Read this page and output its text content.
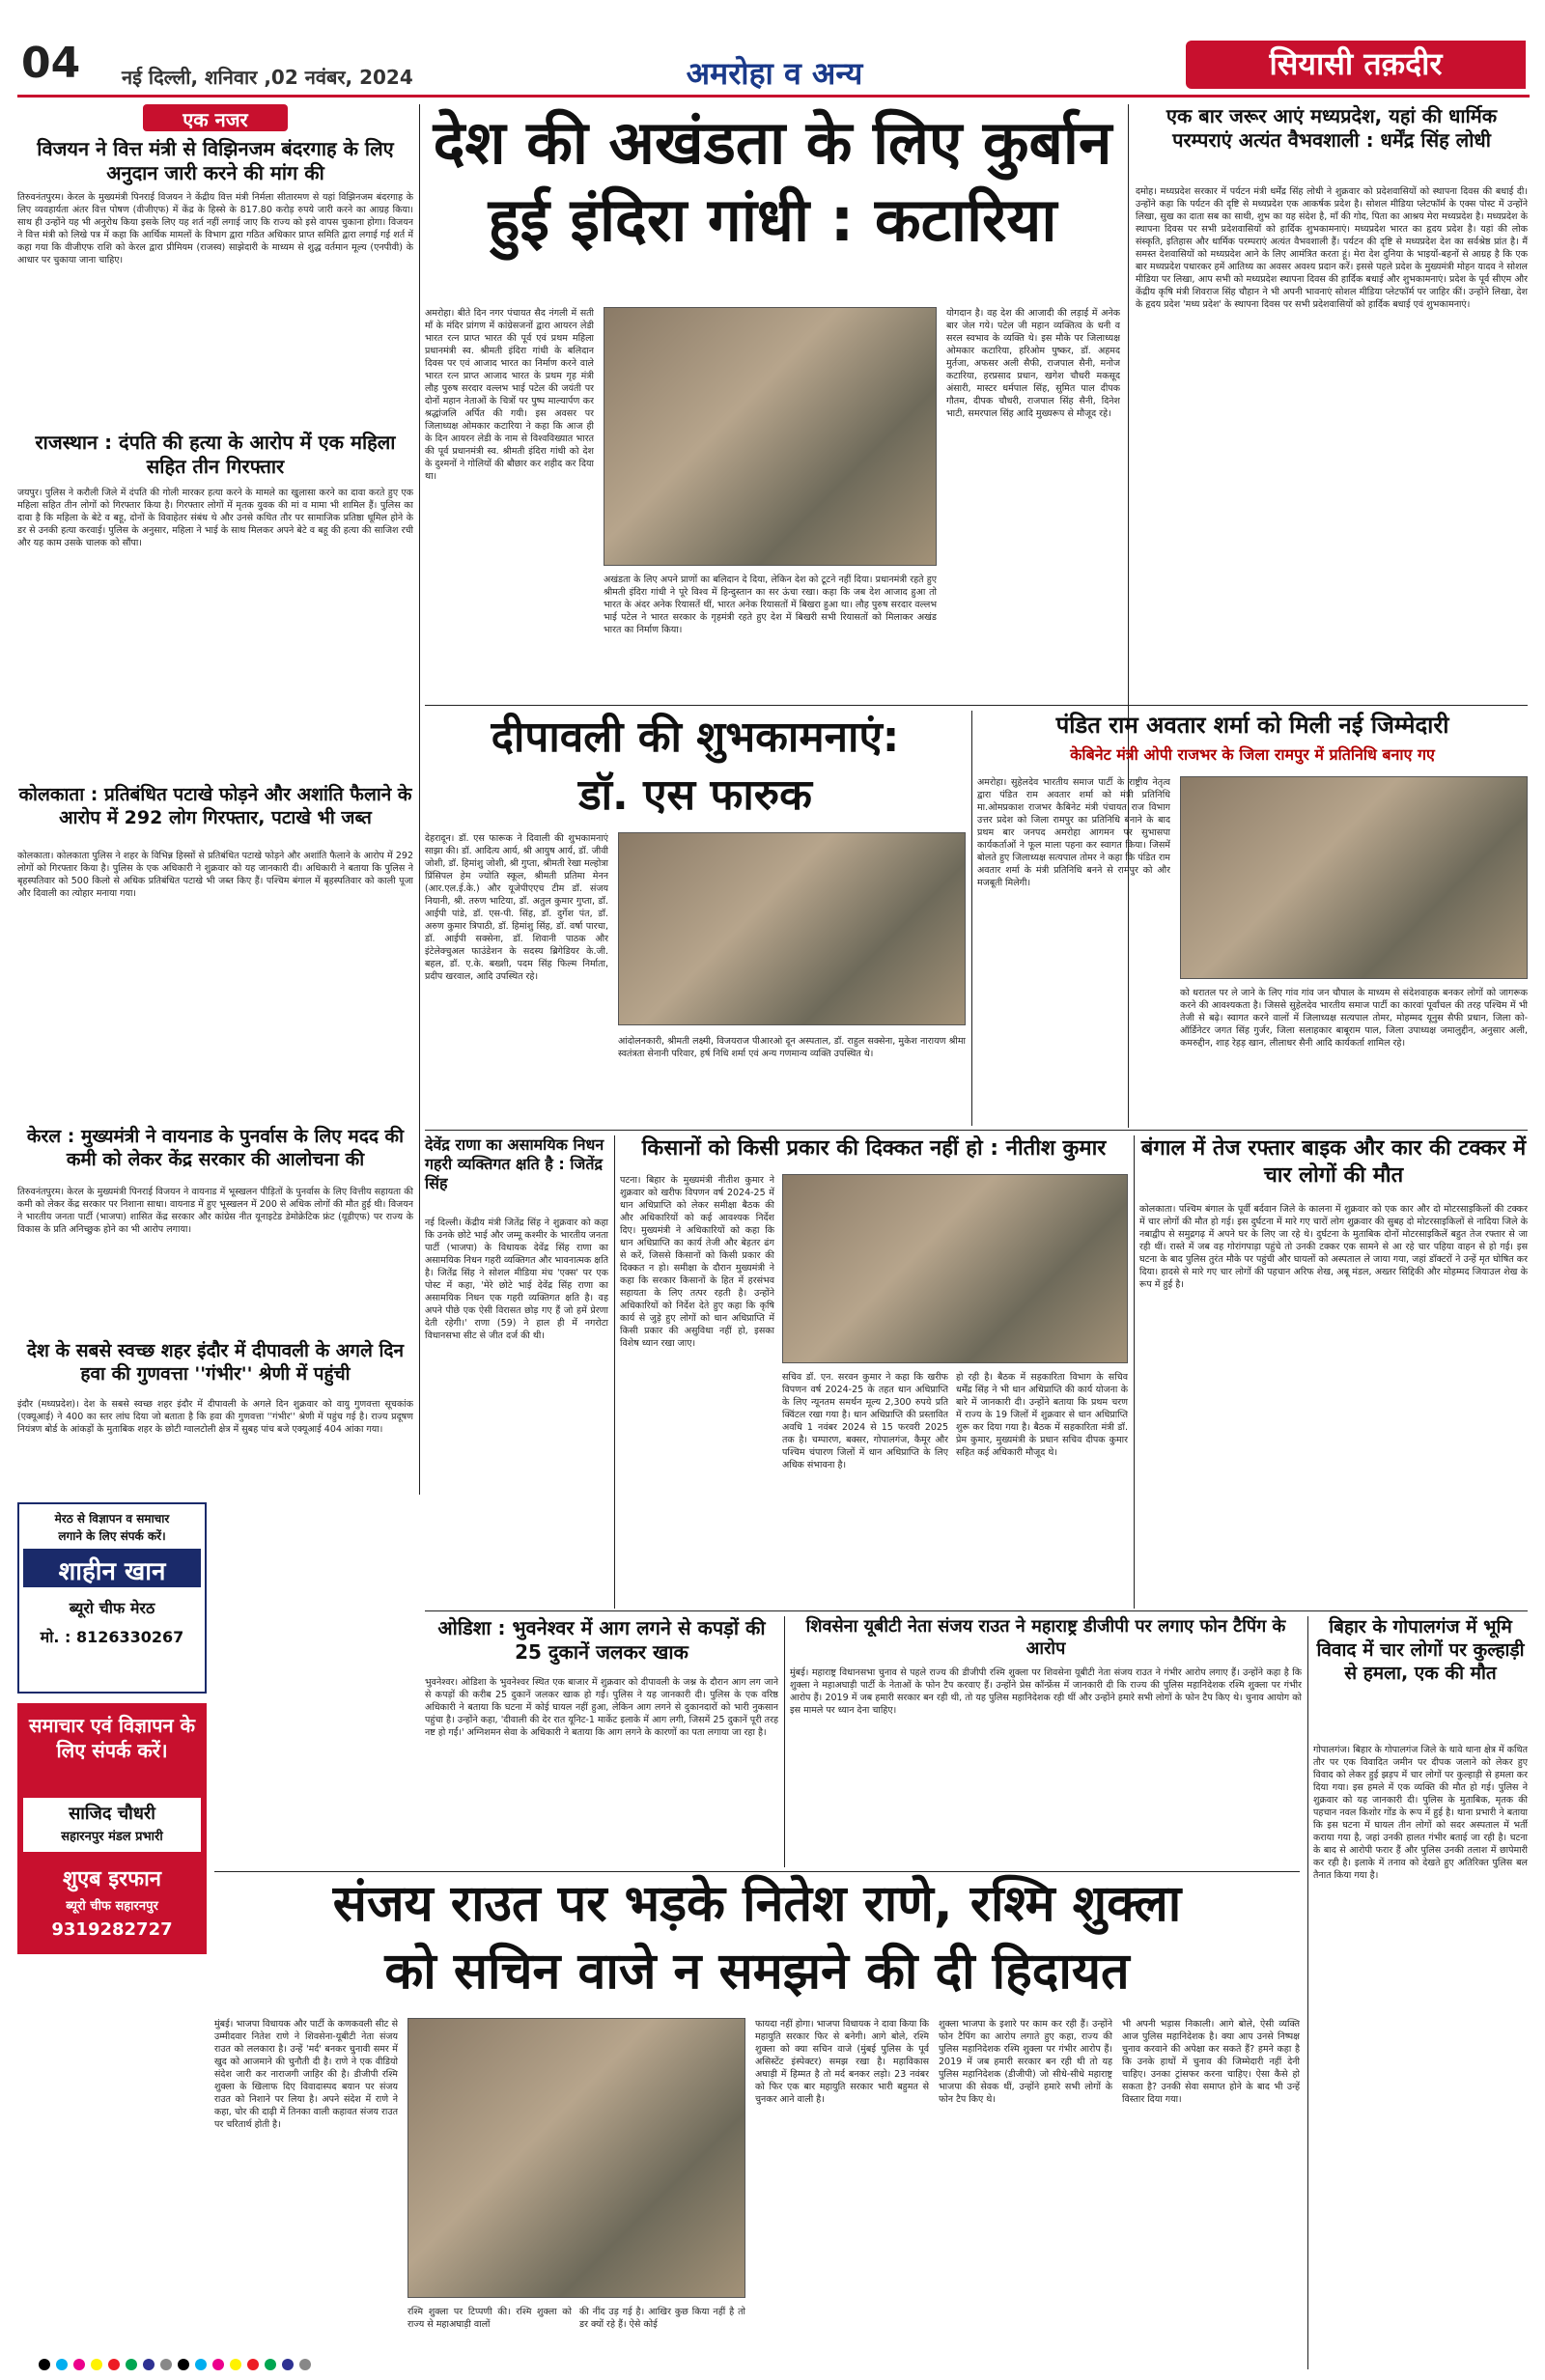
04 नई दिल्ली, शनिवार ,02 नवंबर, 2024	अमरोहा व अन्य	सियासी तक़दीर
एक नजर
विजयन ने वित्त मंत्री से विझिनजम बंदरगाह के लिए अनुदान जारी करने की मांग की
तिरुवनंतपुरम। केरल के मुख्यमंत्री पिनराई विजयन ने केंद्रीय वित्त मंत्री निर्मला सीतारमण से यहां विझिनजम बंदरगाह के लिए व्यवहार्यता अंतर वित्त पोषण (वीजीएफ) में केंद्र के हिस्से के 817.80 करोड़ रुपये जारी करने का आग्रह किया। साथ ही उन्होंने यह भी अनुरोध किया इसके लिए यह शर्त नहीं लगाई जाए कि राज्य को इसे वापस चुकाना होगा। विजयन ने वित्त मंत्री को लिखे पत्र में कहा कि आर्थिक मामलों के विभाग द्वारा गठित अधिकार प्राप्त समिति द्वारा लगाई गई शर्त में कहा गया कि वीजीएफ राशि को केरल द्वारा प्रीमियम (राजस्व) साझेदारी के माध्यम से शुद्ध वर्तमान मूल्य (एनपीवी) के आधार पर चुकाया जाना चाहिए।
राजस्थान : दंपति की हत्या के आरोप में एक महिला सहित तीन गिरफ्तार
जयपुर। पुलिस ने करौली जिले में दंपति की गोली मारकर हत्या करने के मामले का खुलासा करने का दावा करते हुए एक महिला सहित तीन लोगों को गिरफ्तार किया है। गिरफ्तार लोगों में मृतक युवक की मां व मामा भी शामिल हैं। पुलिस का दावा है कि महिला के बेटे व बहू, दोनों के विवाहेतर संबंध थे और उनसे कथित तौर पर सामाजिक प्रतिष्ठा धूमिल होने के डर से उनकी हत्या करवाई। पुलिस के अनुसार, महिला ने भाई के साथ मिलकर अपने बेटे व बहू की हत्या की साजिश रची और यह काम उसके चालक को सौंपा।
कोलकाता : प्रतिबंधित पटाखे फोड़ने और अशांति फैलाने के आरोप में 292 लोग गिरफ्तार, पटाखे भी जब्त
कोलकाता। कोलकाता पुलिस ने शहर के विभिन्न हिस्सों से प्रतिबंधित पटाखे फोड़ने और अशांति फैलाने के आरोप में 292 लोगों को गिरफ्तार किया है। पुलिस के एक अधिकारी ने शुक्रवार को यह जानकारी दी। अधिकारी ने बताया कि पुलिस ने बृहस्पतिवार को 500 किलो से अधिक प्रतिबंधित पटाखे भी जब्त किए हैं। पश्चिम बंगाल में बृहस्पतिवार को काली पूजा और दिवाली का त्योहार मनाया गया।
केरल : मुख्यमंत्री ने वायनाड के पुनर्वास के लिए मदद की कमी को लेकर केंद्र सरकार की आलोचना की
तिरुवनंतपुरम। केरल के मुख्यमंत्री पिनराई विजयन ने वायनाड में भूस्खलन पीड़ितों के पुनर्वास के लिए वित्तीय सहायता की कमी को लेकर केंद्र सरकार पर निशाना साधा। वायनाड में हुए भूस्खलन में 200 से अधिक लोगों की मौत हुई थी। विजयन ने भारतीय जनता पार्टी (भाजपा) शासित केंद्र सरकार और कांग्रेस नीत यूनाइटेड डेमोक्रेटिक फ्रंट (यूडीएफ) पर राज्य के विकास के प्रति अनिच्छुक होने का भी आरोप लगाया।
देश के सबसे स्वच्छ शहर इंदौर में दीपावली के अगले दिन हवा की गुणवत्ता ''गंभीर'' श्रेणी में पहुंची
इंदौर (मध्यप्रदेश)। देश के सबसे स्वच्छ शहर इंदौर में दीपावली के अगले दिन शुक्रवार को वायु गुणवत्ता सूचकांक (एक्यूआई) ने 400 का स्तर लांघ दिया जो बताता है कि हवा की गुणवत्ता ''गंभीर'' श्रेणी में पहुंच गई है। राज्य प्रदूषण नियंत्रण बोर्ड के आंकड़ों के मुताबिक शहर के छोटी ग्वालटोली क्षेत्र में सुबह पांच बजे एक्यूआई 404 आंका गया।
देश की अखंडता के लिए कुर्बान हुई इंदिरा गांधी : कटारिया
अमरोहा। बीते दिन नगर पंचायत सैद नंगली में सती माँ के मंदिर प्रांगण में कांग्रेसजनों द्वारा आयरन लेडी भारत रत्न प्राप्त भारत की पूर्व एवं प्रथम महिला प्रधानमंत्री स्व. श्रीमती इंदिरा गांधी के बलिदान दिवस पर एवं आजाद भारत का निर्माण करने वाले भारत रत्न प्राप्त आजाद भारत के प्रथम गृह मंत्री लौह पुरुष सरदार वल्लभ भाई पटेल की जयंती पर दोनों महान नेताओं के चित्रों पर पुष्प माल्यार्पण कर श्रद्धांजलि अर्पित की गयी। इस अवसर पर जिलाध्यक्ष ओमकार कटारिया ने कहा कि आज ही के दिन आयरन लेडी के नाम से विश्वविख्यात भारत की पूर्व प्रधानमंत्री स्व. श्रीमती इंदिरा गांधी को देश के दुश्मनों ने गोलियों की बौछार कर शहीद कर दिया था।
योगदान है। वह देश की आजादी की लड़ाई में अनेक बार जेल गये। पटेल जी महान व्यक्तित्व के धनी व सरल स्वभाव के व्यक्ति थे। इस मौके पर जिलाध्यक्ष ओमकार कटारिया, हरिओम पुष्कर, डॉ. अहमद मुर्तजा, अफसर अली सैफी, राजपाल सैनी, मनोज कटारिया, हरप्रसाद प्रधान, खगेश चौधरी मकसूद अंसारी, मास्टर धर्मपाल सिंह, सुमित पाल दीपक गौतम, दीपक चौधरी, राजपाल सिंह सैनी, दिनेश भाटी, समरपाल सिंह आदि मुख्यरूप से मौजूद रहे।
अखंडता के लिए अपने प्राणों का बलिदान दे दिया, लेकिन देश को टूटने नहीं दिया। प्रधानमंत्री रहते हुए श्रीमती इंदिरा गांधी ने पूरे विश्व में हिन्दुस्तान का सर ऊंचा रखा। कहा कि जब देश आजाद हुआ तो भारत के अंदर अनेक रियासतें थीं, भारत अनेक रियासतों में बिखरा हुआ था। लौह पुरुष सरदार वल्लभ भाई पटेल ने भारत सरकार के गृहमंत्री रहते हुए देश में बिखरी सभी रियासतों को मिलाकर अखंड भारत का निर्माण किया।
एक बार जरूर आएं मध्यप्रदेश, यहां की धार्मिक परम्पराएं अत्यंत वैभवशाली : धर्मेंद्र सिंह लोधी
दमोह। मध्यप्रदेश सरकार में पर्यटन मंत्री धर्मेंद्र सिंह लोधी ने शुक्रवार को प्रदेशवासियों को स्थापना दिवस की बधाई दी। उन्होंने कहा कि पर्यटन की दृष्टि से मध्यप्रदेश एक आकर्षक प्रदेश है। सोशल मीडिया प्लेटफॉर्म के एक्स पोस्ट में उन्होंने लिखा, सुख का दाता सब का साथी, शुभ का यह संदेश है, माँ की गोद, पिता का आश्रय मेरा मध्यप्रदेश है। मध्यप्रदेश के स्थापना दिवस पर सभी प्रदेशवासियों को हार्दिक शुभकामनाएं। मध्यप्रदेश भारत का हृदय प्रदेश है। यहां की लोक संस्कृति, इतिहास और धार्मिक परम्पराएं अत्यंत वैभवशाली हैं। पर्यटन की दृष्टि से मध्यप्रदेश देश का सर्वश्रेष्ठ प्रांत है। मैं समस्त देशवासियों को मध्यप्रदेश आने के लिए आमंत्रित करता हूं। मेरा देश दुनिया के भाइयों-बहनों से आग्रह है कि एक बार मध्यप्रदेश पधारकर हमें आतिथ्य का अवसर अवश्य प्रदान करें। इससे पहले प्रदेश के मुख्यमंत्री मोहन यादव ने सोशल मीडिया पर लिखा, आप सभी को मध्यप्रदेश स्थापना दिवस की हार्दिक बधाई और शुभकामनाएं। प्रदेश के पूर्व सीएम और केंद्रीय कृषि मंत्री शिवराज सिंह चौहान ने भी अपनी भावनाएं सोशल मीडिया प्लेटफॉर्म पर जाहिर कीं। उन्होंने लिखा, देश के हृदय प्रदेश 'मध्य प्रदेश' के स्थापना दिवस पर सभी प्रदेशवासियों को हार्दिक बधाई एवं शुभकामनाएं।
दीपावली की शुभकामनाएं:
डॉ. एस फारुक
देहरादून। डॉ. एस फारूक ने दिवाली की शुभकामनाएं साझा की। डॉ. आदित्य आर्य, श्री आयुष आर्य, डॉ. जीवी जोशी, डॉ. हिमांशु जोशी, श्री गुप्ता, श्रीमती रेखा मल्होत्रा प्रिंसिपल हेम ज्योति स्कूल, श्रीमती प्रतिमा मेनन (आर.एल.ई.के.) और यूजेपीएएच टीम डॉ. संजय नियानी, श्री. तरुण भाटिया, डॉ. अतुल कुमार गुप्ता, डॉ. आईपी पांडे, डॉ. एस-पी. सिंह, डॉ. दुर्गेश पंत, डॉ. अरुण कुमार त्रिपाठी, डॉ. हिमांशु सिंह, डॉ. वर्षा पारचा, डॉ. आईपी सक्सेना, डॉ. शिवानी पाठक और इंटेलेक्चुअल फाउंडेशन के सदस्य ब्रिगेडियर के.जी. बहल, डॉ. ए.के. बख्शी, पदम सिंह फिल्म निर्माता, प्रदीप खरवाल, आदि उपस्थित रहे।
आंदोलनकारी, श्रीमती लक्ष्मी, विजयराज पीआरओ दून अस्पताल, डॉ. राहुल सक्सेना, मुकेश नारायण श्रीमा स्वतंत्रता सेनानी परिवार, हर्ष निधि शर्मा एवं अन्य गणमान्य व्यक्ति उपस्थित थे।
पंडित राम अवतार शर्मा को मिली नई जिम्मेदारी
केबिनेट मंत्री ओपी राजभर के जिला रामपुर में प्रतिनिधि बनाए गए
अमरोहा। सुहेलदेव भारतीय समाज पार्टी के राष्ट्रीय नेतृत्व द्वारा पंडित राम अवतार शर्मा को मंत्री प्रतिनिधि मा.ओमप्रकाश राजभर कैबिनेट मंत्री पंचायत राज विभाग उत्तर प्रदेश को जिला रामपुर का प्रतिनिधि बनाने के बाद प्रथम बार जनपद अमरोहा आगमन पर सुभासपा कार्यकर्ताओं ने फूल माला पहना कर स्वागत किया। जिसमें बोलते हुए जिलाध्यक्ष सत्यपाल तोमर ने कहा कि पंडित राम अवतार शर्मा के मंत्री प्रतिनिधि बनने से रामपुर को और मजबूती मिलेगी।
को धरातल पर ले जाने के लिए गांव गांव जन चौपाल के माध्यम से संदेशवाहक बनकर लोगों को जागरूक करने की आवश्यकता है। जिससे सुहेलदेव भारतीय समाज पार्टी का कारवां पूर्वांचल की तरह पश्चिम में भी तेजी से बढ़े। स्वागत करने वालों में जिलाध्यक्ष सत्यपाल तोमर, मोहम्मद यूनुस सैफी प्रधान, जिला को-ऑर्डिनेटर जगत सिंह गुर्जर, जिला सलाहकार बाबूराम पाल, जिला उपाध्यक्ष जमालुद्दीन, अनुसार अली, कमरुद्दीन, शाह रेहड़ खान, लीलाधर सैनी आदि कार्यकर्ता शामिल रहे।
देवेंद्र राणा का असामयिक निधन गहरी व्यक्तिगत क्षति है : जितेंद्र सिंह
नई दिल्ली। केंद्रीय मंत्री जितेंद्र सिंह ने शुक्रवार को कहा कि उनके छोटे भाई और जम्मू कश्मीर के भारतीय जनता पार्टी (भाजपा) के विधायक देवेंद्र सिंह राणा का असामयिक निधन गहरी व्यक्तिगत और भावनात्मक क्षति है। जितेंद्र सिंह ने सोशल मीडिया मंच 'एक्स' पर एक पोस्ट में कहा, 'मेरे छोटे भाई देवेंद्र सिंह राणा का असामयिक निधन एक गहरी व्यक्तिगत क्षति है। वह अपने पीछे एक ऐसी विरासत छोड़ गए हैं जो हमें प्रेरणा देती रहेगी।' राणा (59) ने हाल ही में नगरोटा विधानसभा सीट से जीत दर्ज की थी।
किसानों को किसी प्रकार की दिक्कत नहीं हो : नीतीश कुमार
पटना। बिहार के मुख्यमंत्री नीतीश कुमार ने शुक्रवार को खरीफ विपणन वर्ष 2024-25 में धान अधिप्राप्ति को लेकर समीक्षा बैठक की और अधिकारियों को कई आवश्यक निर्देश दिए। मुख्यमंत्री ने अधिकारियों को कहा कि धान अधिप्राप्ति का कार्य तेजी और बेहतर ढंग से करें, जिससे किसानों को किसी प्रकार की दिक्कत न हो। समीक्षा के दौरान मुख्यमंत्री ने कहा कि सरकार किसानों के हित में हरसंभव सहायता के लिए तत्पर रहती है। उन्होंने अधिकारियों को निर्देश देते हुए कहा कि कृषि कार्य से जुड़े हुए लोगों को धान अधिप्राप्ति में किसी प्रकार की असुविधा नहीं हो, इसका विशेष ध्यान रखा जाए।
सचिव डॉ. एन. सरवन कुमार ने कहा कि खरीफ विपणन वर्ष 2024-25 के तहत धान अधिप्राप्ति के लिए न्यूनतम समर्थन मूल्य 2,300 रुपये प्रति क्विंटल रखा गया है। धान अधिप्राप्ति की प्रस्तावित अवधि 1 नवंबर 2024 से 15 फरवरी 2025 तक है। चम्पारण, बक्सर, गोपालगंज, कैमूर और पश्चिम चंपारण जिलों में धान अधिप्राप्ति के लिए अधिक संभावना है।
हो रही है। बैठक में सहकारिता विभाग के सचिव धर्मेंद्र सिंह ने भी धान अधिप्राप्ति की कार्य योजना के बारे में जानकारी दी। उन्होंने बताया कि प्रथम चरण में राज्य के 19 जिलों में शुक्रवार से धान अधिप्राप्ति शुरू कर दिया गया है। बैठक में सहकारिता मंत्री डॉ. प्रेम कुमार, मुख्यमंत्री के प्रधान सचिव दीपक कुमार सहित कई अधिकारी मौजूद थे।
बंगाल में तेज रफ्तार बाइक और कार की टक्कर में चार लोगों की मौत
कोलकाता। पश्चिम बंगाल के पूर्वी बर्दवान जिले के कालना में शुक्रवार को एक कार और दो मोटरसाइकिलों की टक्कर में चार लोगों की मौत हो गई। इस दुर्घटना में मारे गए चारों लोग शुक्रवार की सुबह दो मोटरसाइकिलों से नादिया जिले के नबाद्वीप से समुद्रगढ़ में अपने घर के लिए जा रहे थे। दुर्घटना के मुताबिक दोनों मोटरसाइकिलें बहुत तेज रफ्तार से जा रही थीं। रास्ते में जब वह गोरांगपाड़ा पहुंचे तो उनकी टक्कर एक सामने से आ रहे चार पहिया वाहन से हो गई। इस घटना के बाद पुलिस तुरंत मौके पर पहुंची और घायलों को अस्पताल ले जाया गया, जहां डॉक्टरों ने उन्हें मृत घोषित कर दिया। हादसे से मारे गए चार लोगों की पहचान अरिफ शेख, अबू मंडल, अख्तर सिद्दिकी और मोहम्मद जियाउल शेख के रूप में हुई है।
ओडिशा : भुवनेश्वर में आग लगने से कपड़ों की 25 दुकानें जलकर खाक
भुवनेश्वर। ओडिशा के भुवनेश्वर स्थित एक बाजार में शुक्रवार को दीपावली के जश्न के दौरान आग लग जाने से कपड़ों की करीब 25 दुकानें जलकर खाक हो गईं। पुलिस ने यह जानकारी दी। पुलिस के एक वरिष्ठ अधिकारी ने बताया कि घटना में कोई घायल नहीं हुआ, लेकिन आग लगने से दुकानदारों को भारी नुकसान पहुंचा है। उन्होंने कहा, 'दीवाली की देर रात यूनिट-1 मार्केट इलाके में आग लगी, जिसमें 25 दुकानें पूरी तरह नष्ट हो गईं।' अग्निशमन सेवा के अधिकारी ने बताया कि आग लगने के कारणों का पता लगाया जा रहा है।
शिवसेना यूबीटी नेता संजय राउत ने महाराष्ट्र डीजीपी पर लगाए फोन टैपिंग के आरोप
मुंबई। महाराष्ट्र विधानसभा चुनाव से पहले राज्य की डीजीपी रश्मि शुक्ला पर शिवसेना यूबीटी नेता संजय राउत ने गंभीर आरोप लगाए हैं। उन्होंने कहा है कि शुक्ला ने महाअघाड़ी पार्टी के नेताओं के फोन टैप करवाए हैं। उन्होंने प्रेस कॉन्फ्रेंस में जानकारी दी कि राज्य की पुलिस महानिदेशक रश्मि शुक्ला पर गंभीर आरोप हैं। 2019 में जब हमारी सरकार बन रही थी, तो यह पुलिस महानिदेशक रही थीं और उन्होंने हमारे सभी लोगों के फोन टैप किए थे। चुनाव आयोग को इस मामले पर ध्यान देना चाहिए।
बिहार के गोपालगंज में भूमि विवाद में चार लोगों पर कुल्हाड़ी से हमला, एक की मौत
गोपालगंज। बिहार के गोपालगंज जिले के थावे थाना क्षेत्र में कथित तौर पर एक विवादित जमीन पर दीपक जलाने को लेकर हुए विवाद को लेकर हुई झड़प में चार लोगों पर कुल्हाड़ी से हमला कर दिया गया। इस हमले में एक व्यक्ति की मौत हो गई। पुलिस ने शुक्रवार को यह जानकारी दी। पुलिस के मुताबिक, मृतक की पहचान नवल किशोर गोंड के रूप में हुई है। थाना प्रभारी ने बताया कि इस घटना में घायल तीन लोगों को सदर अस्पताल में भर्ती कराया गया है, जहां उनकी हालत गंभीर बताई जा रही है। घटना के बाद से आरोपी फरार हैं और पुलिस उनकी तलाश में छापेमारी कर रही है। इलाके में तनाव को देखते हुए अतिरिक्त पुलिस बल तैनात किया गया है।
मेरठ से विज्ञापन व समाचार
लगाने के लिए संपर्क करें।
शाहीन खान
ब्यूरो चीफ मेरठ
मो. : 8126330267
समाचार एवं विज्ञापन के लिए संपर्क करें।
साजिद चौधरी
सहारनपुर मंडल प्रभारी
शुएब इरफान
ब्यूरो चीफ सहारनपुर
9319282727	संजय राउत पर भड़के नितेश राणे, रश्मि शुक्ला
को सचिन वाजे न समझने की दी हिदायत
मुंबई। भाजपा विधायक और पार्टी के कणकवली सीट से उम्मीदवार नितेश राणे ने शिवसेना-यूबीटी नेता संजय राउत को ललकारा है। उन्हें 'मर्द' बनकर चुनावी समर में खुद को आजमाने की चुनौती दी है। राणे ने एक वीडियो संदेश जारी कर नाराजगी जाहिर की है। डीजीपी रश्मि शुक्ला के खिलाफ दिए विवादास्पद बयान पर संजय राउत को निशाने पर लिया है। अपने संदेश में राणे ने कहा, चोर की दाढ़ी में तिनका वाली कहावत संजय राउत पर चरितार्थ होती है।
रश्मि शुक्ला पर टिप्पणी की। रश्मि शुक्ला को राज्य से महाअघाड़ी वालों
की नींद उड़ गई है। आखिर कुछ किया नहीं है तो डर क्यों रहे हैं। ऐसे कोई
फायदा नहीं होगा। भाजपा विधायक ने दावा किया कि महायुति सरकार फिर से बनेगी। आगे बोले, रश्मि शुक्ला को क्या सचिन वाजे (मुंबई पुलिस के पूर्व असिस्टेंट इंस्पेक्टर) समझ रखा है। महाविकास अघाड़ी में हिम्मत है तो मर्द बनकर लड़ो। 23 नवंबर को फिर एक बार महायुति सरकार भारी बहुमत से चुनकर आने वाली है।
शुक्ला भाजपा के इशारे पर काम कर रही हैं। उन्होंने फोन टैपिंग का आरोप लगाते हुए कहा, राज्य की पुलिस महानिदेशक रश्मि शुक्ला पर गंभीर आरोप हैं। 2019 में जब हमारी सरकार बन रही थी तो यह पुलिस महानिदेशक (डीजीपी) जो सीधे-सीधे महाराष्ट्र भाजपा की सेवक थीं, उन्होंने हमारे सभी लोगों के फोन टैप किए थे।
भी अपनी भड़ास निकाली। आगे बोले, ऐसी व्यक्ति आज पुलिस महानिदेशक है। क्या आप उनसे निष्पक्ष चुनाव करवाने की अपेक्षा कर सकते हैं? हमने कहा है कि उनके हाथों में चुनाव की जिम्मेदारी नहीं देनी चाहिए। उनका ट्रांसफर करना चाहिए। ऐसा कैसे हो सकता है? उनकी सेवा समाप्त होने के बाद भी उन्हें विस्तार दिया गया।
